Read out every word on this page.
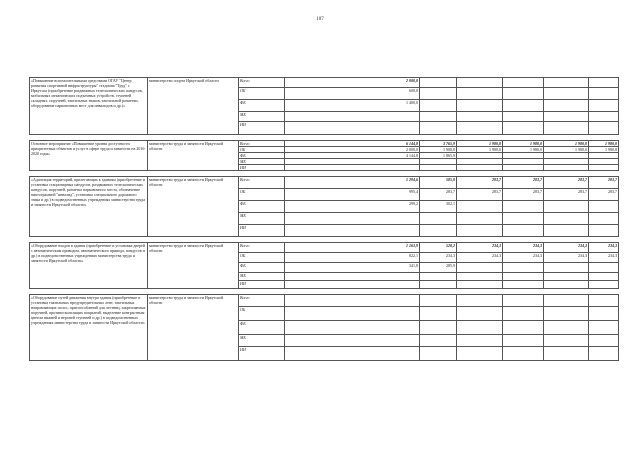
107
«Повышение вспомогательными средствами ОГАУ "Центр развития спортивной инфраструктуры" стадиона "Труд" г. Иркутска (приобретение раздвижных телескопических пандусов, мобильных механических подъемных устройств, ступеней складных, поручней, тактильных знаков, тактильной разметки, оборудование парковочных мест для инвалидов и др.)»	министерство спорта Иркутской области	Всего	2 000,0					
		ОБ	600,0					
		ФБ	1 400,0					
		МБ						
		ИИ						

Основное мероприятие «Повышение уровня доступности приоритетных объектов и услуг в сфере труда и занятости на 2016-2020 годы»	министерство труда и занятости Иркутской области	Всего	6 144,8	3 765,9	1 980,0	1 980,0	1 980,0	1 980,0
		ОБ	2 000,0	1 900,0	1 980,0	1 980,0	1 980,0	1 980,0
		ФБ	4 144,8	1 865,9				
		МБ						
		ИИ						

«Адаптация территорий, прилегающих к зданиям (приобретение и установка стационарных пандусов, раздвижных телескопических пандусов, поручней, разметка парковочного места, обозначение пиктограммой "инвалид", установка специального дорожного знака и др.) в подведомственных учреждениях министерства труда и занятости Иркутской области»	министерство труда и занятости Иркутской области	Всего	1 294,6	585,8	283,7	283,7	283,7	283,7
		ОБ	995,4	283,7	283,7	283,7	283,7	283,7
		ФБ	299,2	302,1				
		МБ						
		ИИ						

«Оборудование входов в здания (приобретение и установка дверей с автоматическим приводом, автоматического привода, пандусов и др.) в подведомственных учреждениях министерства труда и занятости Иркутской области»	министерство труда и занятости Иркутской области	Всего	1 163,9	520,2	234,3	234,3	234,3	234,3
		ОБ	822,1	234,3	234,3	234,3	234,3	234,3
		ФБ	341,8	285,9				
		МБ						
		ИИ						

«Оборудование путей движения внутри здания (приобретение и установка тактильных предупредительных лент, тактильных направляющих полос, приспособлений для лестниц, закрепляемых поручней, противоскользящих покрытий, выделение контрастным цветом нижней и верхней ступеней и др.) в подведомственных учреждениях министерства труда и занятости Иркутской области»	министерство труда и занятости Иркутской области	Всего						
		ОБ						
		ФБ						
		МБ						
		ИИ						
